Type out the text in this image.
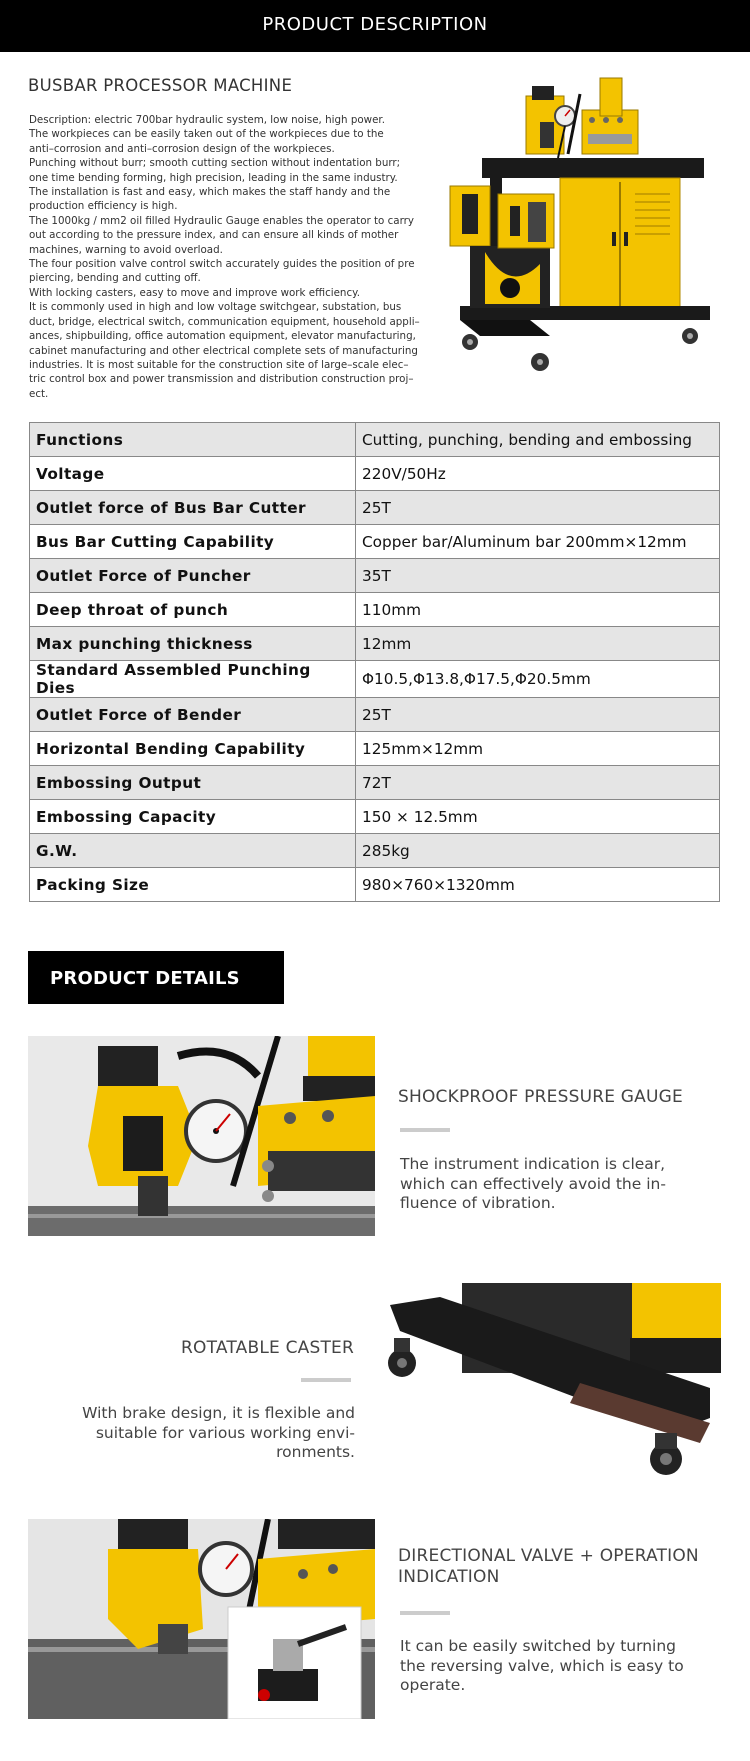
PRODUCT DESCRIPTION
BUSBAR PROCESSOR MACHINE

Description: electric 700bar hydraulic system, low noise, high power.

The workpieces can be easily taken out of the workpieces due to the

anti–corrosion and anti–corrosion design of the workpieces.

Punching without burr; smooth cutting section without indentation burr;

one time bending forming, high precision, leading in the same industry.

The installation is fast and easy, which makes the staff handy and the

production efficiency is high.

The 1000kg / mm2 oil filled Hydraulic Gauge enables the operator to carry

out according to the pressure index, and can ensure all kinds of mother

machines, warning to avoid overload.

The four position valve control switch accurately guides the position of pre

piercing, bending and cutting off.

With locking casters, easy to move and improve work efficiency.

It is commonly used in high and low voltage switchgear, substation, bus

duct, bridge, electrical switch, communication equipment, household appli–

ances, shipbuilding, office automation equipment, elevator manufacturing,

cabinet manufacturing and other electrical complete sets of manufacturing

industries. It is most suitable for the construction site of large–scale elec–

tric control box and power transmission and distribution construction proj–

ect.

Functions	Cutting, punching, bending and embossing
Voltage	220V/50Hz
Outlet force of Bus Bar Cutter	25T
Bus Bar Cutting Capability	Copper bar/Aluminum bar 200mm×12mm
Outlet Force of Puncher	35T
Deep throat of punch	110mm
Max punching thickness	12mm
Standard Assembled Punching Dies	Φ10.5,Φ13.8,Φ17.5,Φ20.5mm
Outlet Force of Bender	25T
Horizontal Bending Capability	125mm×12mm
Embossing Output	72T
Embossing Capacity	150 × 12.5mm
G.W.	285kg
Packing Size	980×760×1320mm
PRODUCT DETAILS
SHOCKPROOF PRESSURE GAUGE
The instrument indication is clear,
which can effectively avoid the in-
fluence of vibration.
ROTATABLE CASTER
With brake design, it is flexible and
suitable for various working envi-
ronments.
DIRECTIONAL VALVE + OPERATION
INDICATION
It can be easily switched by turning
the reversing valve, which is easy to
operate.
